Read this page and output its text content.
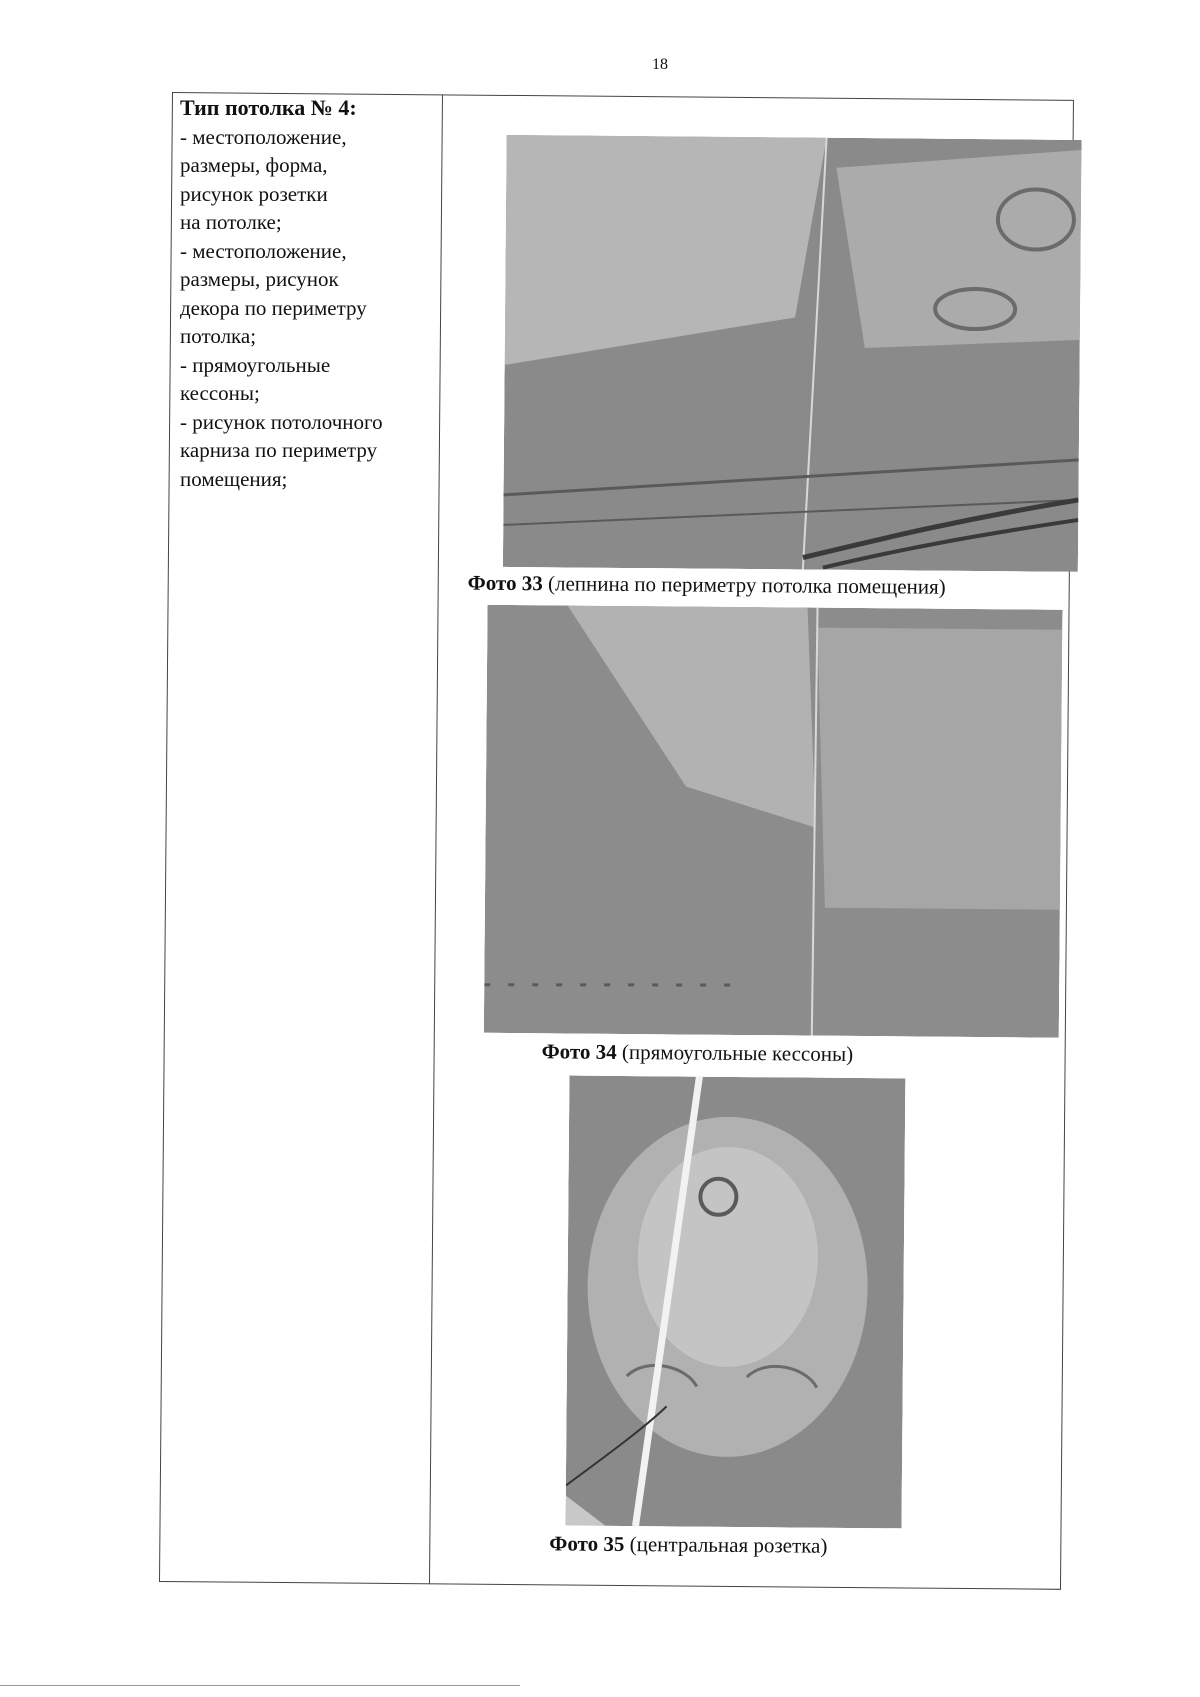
18
Тип потолка № 4:
- местоположение,
размеры, форма,
рисунок розетки
на потолке;
- местоположение,
размеры, рисунок
декора по периметру
потолка;
- прямоугольные
кессоны;
- рисунок потолочного
карниза по периметру
помещения;
Фото 33 (лепнина по периметру потолка помещения)
Фото 34 (прямоугольные кессоны)
Фото 35 (центральная розетка)
